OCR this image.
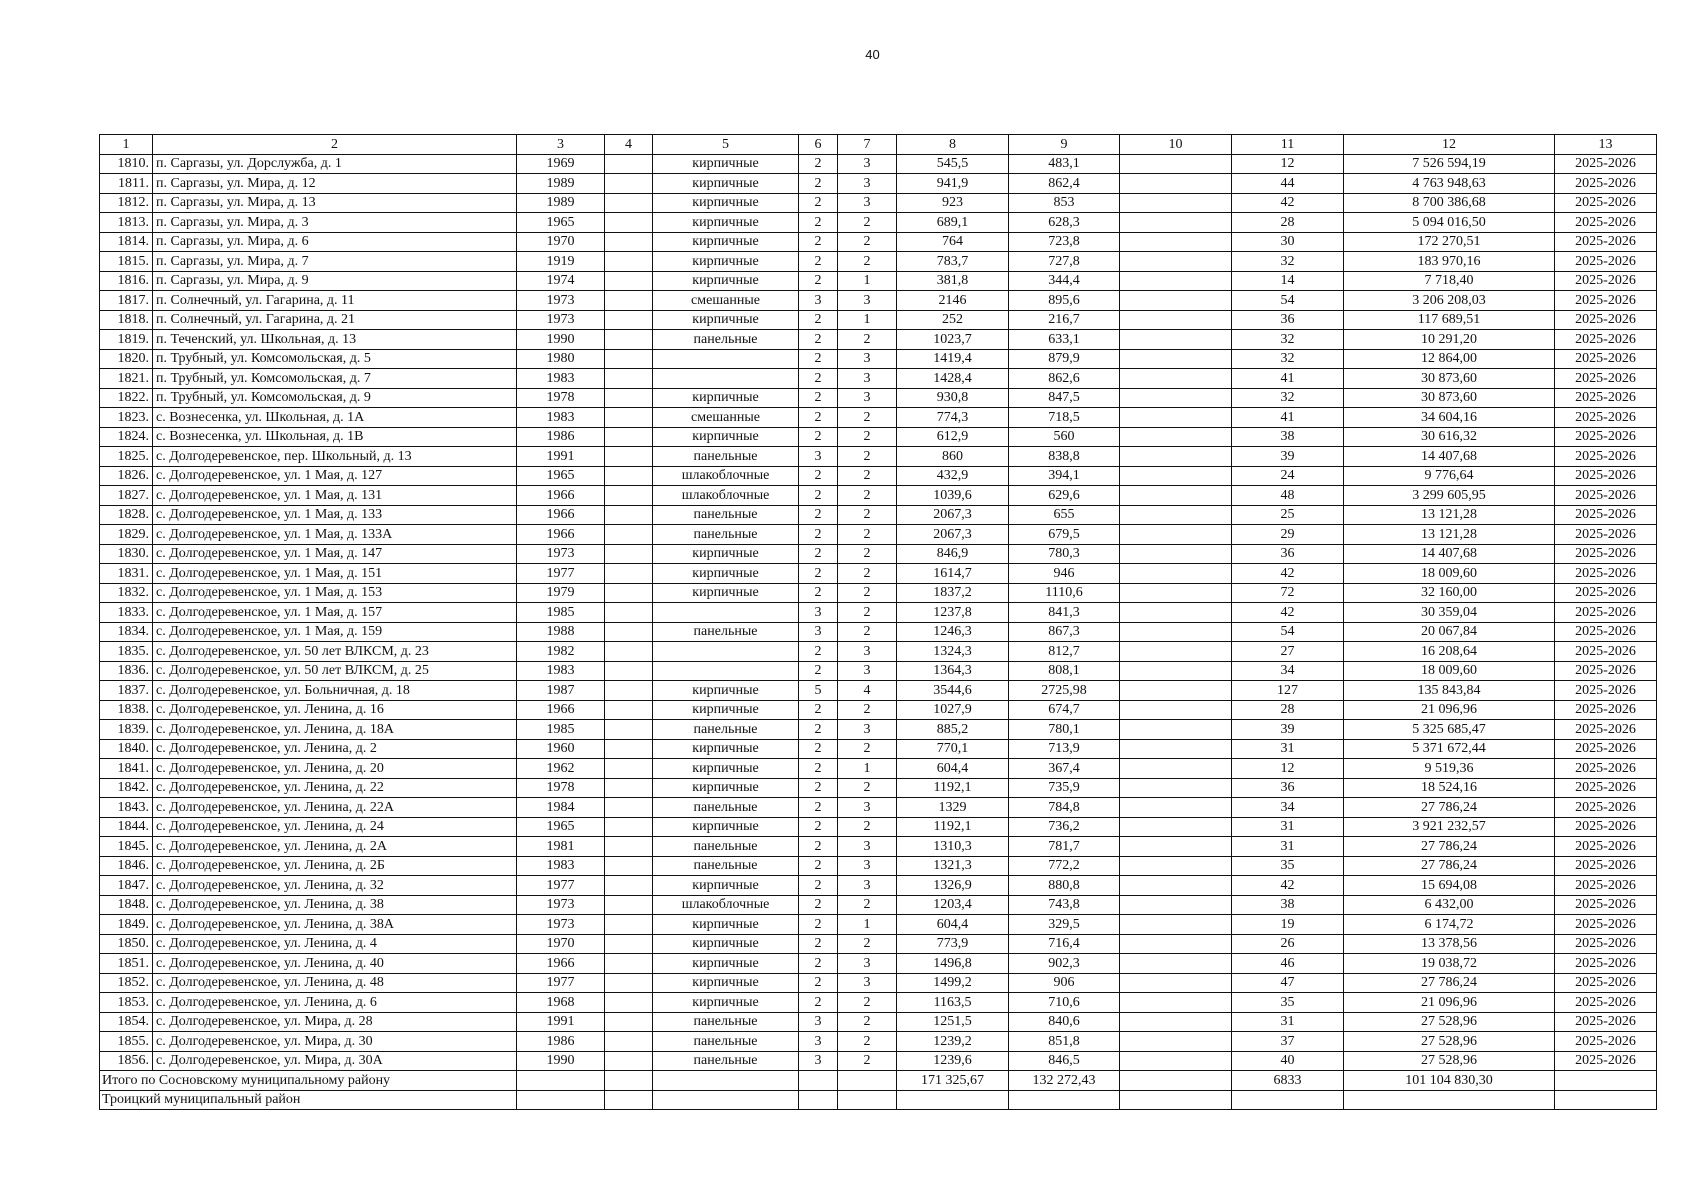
40
1	2	3	4	5	6	7	8	9	10	11	12	13
1810.	п. Саргазы, ул. Дорслужба, д. 1	1969		кирпичные	2	3	545,5	483,1		12	7 526 594,19	2025-2026
1811.	п. Саргазы, ул. Мира, д. 12	1989		кирпичные	2	3	941,9	862,4		44	4 763 948,63	2025-2026
1812.	п. Саргазы, ул. Мира, д. 13	1989		кирпичные	2	3	923	853		42	8 700 386,68	2025-2026
1813.	п. Саргазы, ул. Мира, д. 3	1965		кирпичные	2	2	689,1	628,3		28	5 094 016,50	2025-2026
1814.	п. Саргазы, ул. Мира, д. 6	1970		кирпичные	2	2	764	723,8		30	172 270,51	2025-2026
1815.	п. Саргазы, ул. Мира, д. 7	1919		кирпичные	2	2	783,7	727,8		32	183 970,16	2025-2026
1816.	п. Саргазы, ул. Мира, д. 9	1974		кирпичные	2	1	381,8	344,4		14	7 718,40	2025-2026
1817.	п. Солнечный, ул. Гагарина, д. 11	1973		смешанные	3	3	2146	895,6		54	3 206 208,03	2025-2026
1818.	п. Солнечный, ул. Гагарина, д. 21	1973		кирпичные	2	1	252	216,7		36	117 689,51	2025-2026
1819.	п. Теченский, ул. Школьная, д. 13	1990		панельные	2	2	1023,7	633,1		32	10 291,20	2025-2026
1820.	п. Трубный, ул. Комсомольская, д. 5	1980			2	3	1419,4	879,9		32	12 864,00	2025-2026
1821.	п. Трубный, ул. Комсомольская, д. 7	1983			2	3	1428,4	862,6		41	30 873,60	2025-2026
1822.	п. Трубный, ул. Комсомольская, д. 9	1978		кирпичные	2	3	930,8	847,5		32	30 873,60	2025-2026
1823.	с. Вознесенка, ул. Школьная, д. 1А	1983		смешанные	2	2	774,3	718,5		41	34 604,16	2025-2026
1824.	с. Вознесенка, ул. Школьная, д. 1В	1986		кирпичные	2	2	612,9	560		38	30 616,32	2025-2026
1825.	с. Долгодеревенское, пер. Школьный, д. 13	1991		панельные	3	2	860	838,8		39	14 407,68	2025-2026
1826.	с. Долгодеревенское, ул. 1 Мая, д. 127	1965		шлакоблочные	2	2	432,9	394,1		24	9 776,64	2025-2026
1827.	с. Долгодеревенское, ул. 1 Мая, д. 131	1966		шлакоблочные	2	2	1039,6	629,6		48	3 299 605,95	2025-2026
1828.	с. Долгодеревенское, ул. 1 Мая, д. 133	1966		панельные	2	2	2067,3	655		25	13 121,28	2025-2026
1829.	с. Долгодеревенское, ул. 1 Мая, д. 133А	1966		панельные	2	2	2067,3	679,5		29	13 121,28	2025-2026
1830.	с. Долгодеревенское, ул. 1 Мая, д. 147	1973		кирпичные	2	2	846,9	780,3		36	14 407,68	2025-2026
1831.	с. Долгодеревенское, ул. 1 Мая, д. 151	1977		кирпичные	2	2	1614,7	946		42	18 009,60	2025-2026
1832.	с. Долгодеревенское, ул. 1 Мая, д. 153	1979		кирпичные	2	2	1837,2	1110,6		72	32 160,00	2025-2026
1833.	с. Долгодеревенское, ул. 1 Мая, д. 157	1985			3	2	1237,8	841,3		42	30 359,04	2025-2026
1834.	с. Долгодеревенское, ул. 1 Мая, д. 159	1988		панельные	3	2	1246,3	867,3		54	20 067,84	2025-2026
1835.	с. Долгодеревенское, ул. 50 лет ВЛКСМ, д. 23	1982			2	3	1324,3	812,7		27	16 208,64	2025-2026
1836.	с. Долгодеревенское, ул. 50 лет ВЛКСМ, д. 25	1983			2	3	1364,3	808,1		34	18 009,60	2025-2026
1837.	с. Долгодеревенское, ул. Больничная, д. 18	1987		кирпичные	5	4	3544,6	2725,98		127	135 843,84	2025-2026
1838.	с. Долгодеревенское, ул. Ленина, д. 16	1966		кирпичные	2	2	1027,9	674,7		28	21 096,96	2025-2026
1839.	с. Долгодеревенское, ул. Ленина, д. 18А	1985		панельные	2	3	885,2	780,1		39	5 325 685,47	2025-2026
1840.	с. Долгодеревенское, ул. Ленина, д. 2	1960		кирпичные	2	2	770,1	713,9		31	5 371 672,44	2025-2026
1841.	с. Долгодеревенское, ул. Ленина, д. 20	1962		кирпичные	2	1	604,4	367,4		12	9 519,36	2025-2026
1842.	с. Долгодеревенское, ул. Ленина, д. 22	1978		кирпичные	2	2	1192,1	735,9		36	18 524,16	2025-2026
1843.	с. Долгодеревенское, ул. Ленина, д. 22А	1984		панельные	2	3	1329	784,8		34	27 786,24	2025-2026
1844.	с. Долгодеревенское, ул. Ленина, д. 24	1965		кирпичные	2	2	1192,1	736,2		31	3 921 232,57	2025-2026
1845.	с. Долгодеревенское, ул. Ленина, д. 2А	1981		панельные	2	3	1310,3	781,7		31	27 786,24	2025-2026
1846.	с. Долгодеревенское, ул. Ленина, д. 2Б	1983		панельные	2	3	1321,3	772,2		35	27 786,24	2025-2026
1847.	с. Долгодеревенское, ул. Ленина, д. 32	1977		кирпичные	2	3	1326,9	880,8		42	15 694,08	2025-2026
1848.	с. Долгодеревенское, ул. Ленина, д. 38	1973		шлакоблочные	2	2	1203,4	743,8		38	6 432,00	2025-2026
1849.	с. Долгодеревенское, ул. Ленина, д. 38А	1973		кирпичные	2	1	604,4	329,5		19	6 174,72	2025-2026
1850.	с. Долгодеревенское, ул. Ленина, д. 4	1970		кирпичные	2	2	773,9	716,4		26	13 378,56	2025-2026
1851.	с. Долгодеревенское, ул. Ленина, д. 40	1966		кирпичные	2	3	1496,8	902,3		46	19 038,72	2025-2026
1852.	с. Долгодеревенское, ул. Ленина, д. 48	1977		кирпичные	2	3	1499,2	906		47	27 786,24	2025-2026
1853.	с. Долгодеревенское, ул. Ленина, д. 6	1968		кирпичные	2	2	1163,5	710,6		35	21 096,96	2025-2026
1854.	с. Долгодеревенское, ул. Мира, д. 28	1991		панельные	3	2	1251,5	840,6		31	27 528,96	2025-2026
1855.	с. Долгодеревенское, ул. Мира, д. 30	1986		панельные	3	2	1239,2	851,8		37	27 528,96	2025-2026
1856.	с. Долгодеревенское, ул. Мира, д. 30А	1990		панельные	3	2	1239,6	846,5		40	27 528,96	2025-2026
Итого по Сосновскому муниципальному району							171 325,67	132 272,43		6833	101 104 830,30	
Троицкий муниципальный район												
